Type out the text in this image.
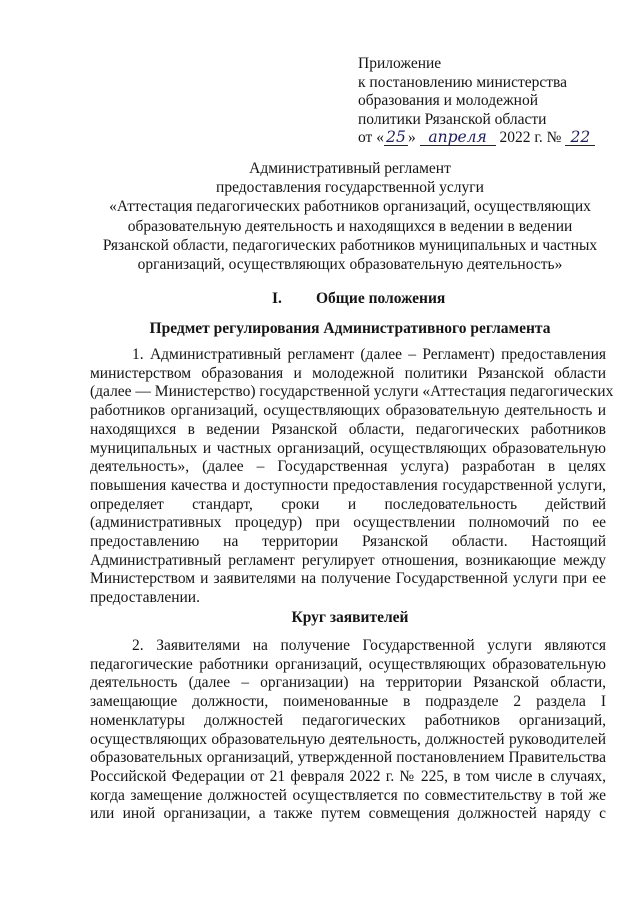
Приложение
к постановлению министерства
образования и молодежной
политики Рязанской области
от « 25 » апреля 2022 г. № 22
Административный регламент
предоставления государственной услуги
«Аттестация педагогических работников организаций, осуществляющих
образовательную деятельность и находящихся в ведении в ведении
Рязанской области, педагогических работников муниципальных и частных
организаций, осуществляющих образовательную деятельность»
I. Общие положения
Предмет регулирования Административного регламента
1. Административный регламент (далее – Регламент) предоставления
министерством образования и молодежной политики Рязанской области
(далее — Министерство) государственной услуги «Аттестация педагогических
работников организаций, осуществляющих образовательную деятельность и
находящихся в ведении Рязанской области, педагогических работников
муниципальных и частных организаций, осуществляющих образовательную
деятельность», (далее – Государственная услуга) разработан в целях
повышения качества и доступности предоставления государственной услуги,
определяет стандарт, сроки и последовательность действий
(административных процедур) при осуществлении полномочий по ее
предоставлению на территории Рязанской области. Настоящий
Административный регламент регулирует отношения, возникающие между
Министерством и заявителями на получение Государственной услуги при ее
предоставлении.
Круг заявителей
2. Заявителями на получение Государственной услуги являются
педагогические работники организаций, осуществляющих образовательную
деятельность (далее – организации) на территории Рязанской области,
замещающие должности, поименованные в подразделе 2 раздела I
номенклатуры должностей педагогических работников организаций,
осуществляющих образовательную деятельность, должностей руководителей
образовательных организаций, утвержденной постановлением Правительства
Российской Федерации от 21 февраля 2022 г. № 225, в том числе в случаях,
когда замещение должностей осуществляется по совместительству в той же
или иной организации, а также путем совмещения должностей наряду с
